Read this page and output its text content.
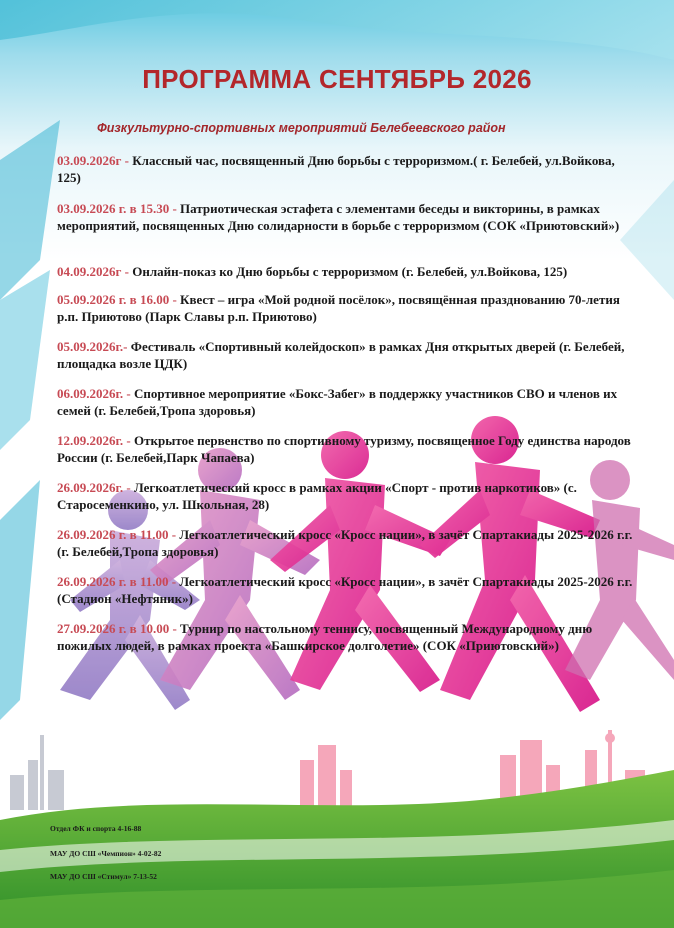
ПРОГРАММА СЕНТЯБРЬ 2026
Физкультурно-спортивных мероприятий Белебеевского район
03.09.2026г - Классный час, посвященный Дню борьбы с терроризмом.( г. Белебей, ул.Войкова, 125)
03.09.2026 г. в 15.30 - Патриотическая эстафета с элементами беседы и викторины, в рамках мероприятий, посвященных Дню солидарности в борьбе с терроризмом (СОК «Приютовский»)
04.09.2026г - Онлайн-показ ко Дню борьбы с терроризмом (г. Белебей, ул.Войкова, 125)
05.09.2026 г. в 16.00 - Квест – игра «Мой родной посёлок», посвящённая празднованию 70-летия р.п. Приютово (Парк Славы р.п. Приютово)
05.09.2026г.- Фестиваль «Спортивный колейдоскоп» в рамках Дня открытых дверей (г. Белебей, площадка возле ЦДК)
06.09.2026г. - Спортивное мероприятие «Бокс-Забег» в поддержку участников СВО и членов их семей (г. Белебей,Тропа здоровья)
12.09.2026г. - Открытое первенство по спортивному туризму, посвященное Году единства народов России (г. Белебей,Парк Чапаева)
26.09.2026г. - Легкоатлетический кросс в рамках акции «Спорт - против наркотиков» (с. Старосеменкино, ул. Школьная, 28)
26.09.2026 г. в 11.00 - Легкоатлетический кросс «Кросс нации», в зачёт Спартакиады 2025-2026 г.г. (г. Белебей,Тропа здоровья)
26.09.2026 г. в 11.00 - Легкоатлетический кросс «Кросс нации», в зачёт Спартакиады 2025-2026 г.г. (Стадион «Нефтяник»)
27.09.2026 г. в 10.00 - Турнир по настольному теннису, посвященный Международному дню пожилых людей, в рамках проекта «Башкирское долголетие» (СОК «Приютовский»)
Отдел ФК и спорта 4-16-88
МАУ ДО СШ «Чемпион» 4-02-82
МАУ ДО СШ «Стимул» 7-13-52
